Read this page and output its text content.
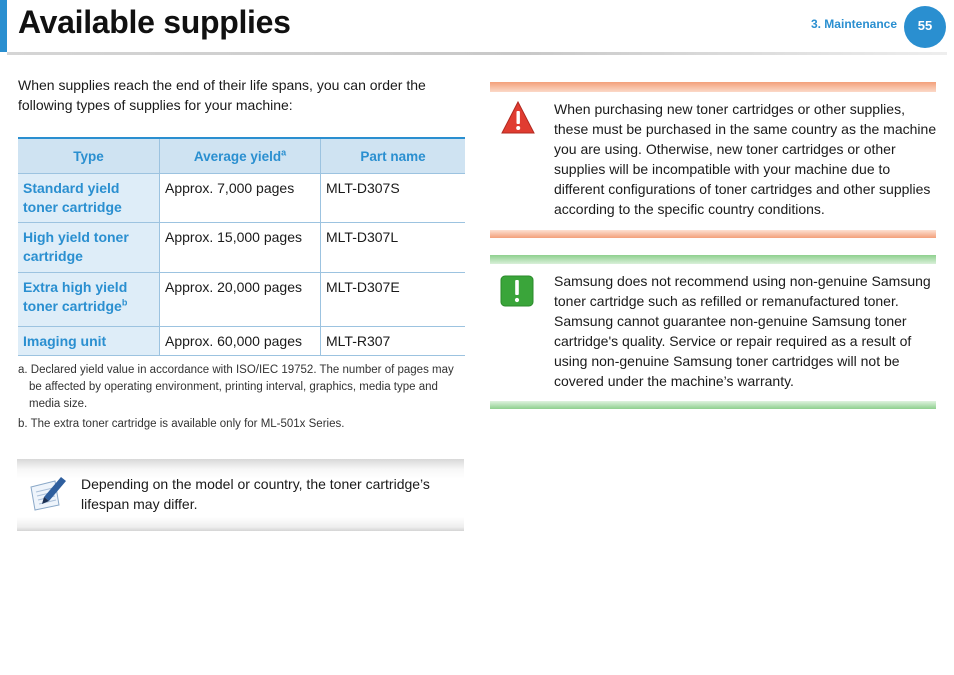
Available supplies	3. Maintenance	55
When supplies reach the end of their life spans, you can order the following types of supplies for your machine:
Type	Average yield$^a$	Part name
Standard yield toner cartridge	Approx. 7,000 pages	MLT-D307S
High yield toner cartridge	Approx. 15,000 pages	MLT-D307L
Extra high yield toner cartridge$^b$	Approx. 20,000 pages	MLT-D307E
Imaging unit	Approx. 60,000 pages	MLT-R307
a. Declared yield value in accordance with ISO/IEC 19752. The number of pages may be affected by operating environment, printing interval, graphics, media type and media size.
b. The extra toner cartridge is available only for ML-501x Series.
Depending on the model or country, the toner cartridge’s lifespan may differ.
When purchasing new toner cartridges or other supplies, these must be purchased in the same country as the machine you are using. Otherwise, new toner cartridges or other supplies will be incompatible with your machine due to different configurations of toner cartridges and other supplies according to the specific country conditions.
Samsung does not recommend using non-genuine Samsung toner cartridge such as refilled or remanufactured toner. Samsung cannot guarantee non-genuine Samsung toner cartridge's quality. Service or repair required as a result of using non-genuine Samsung toner cartridges will not be covered under the machine’s warranty.
